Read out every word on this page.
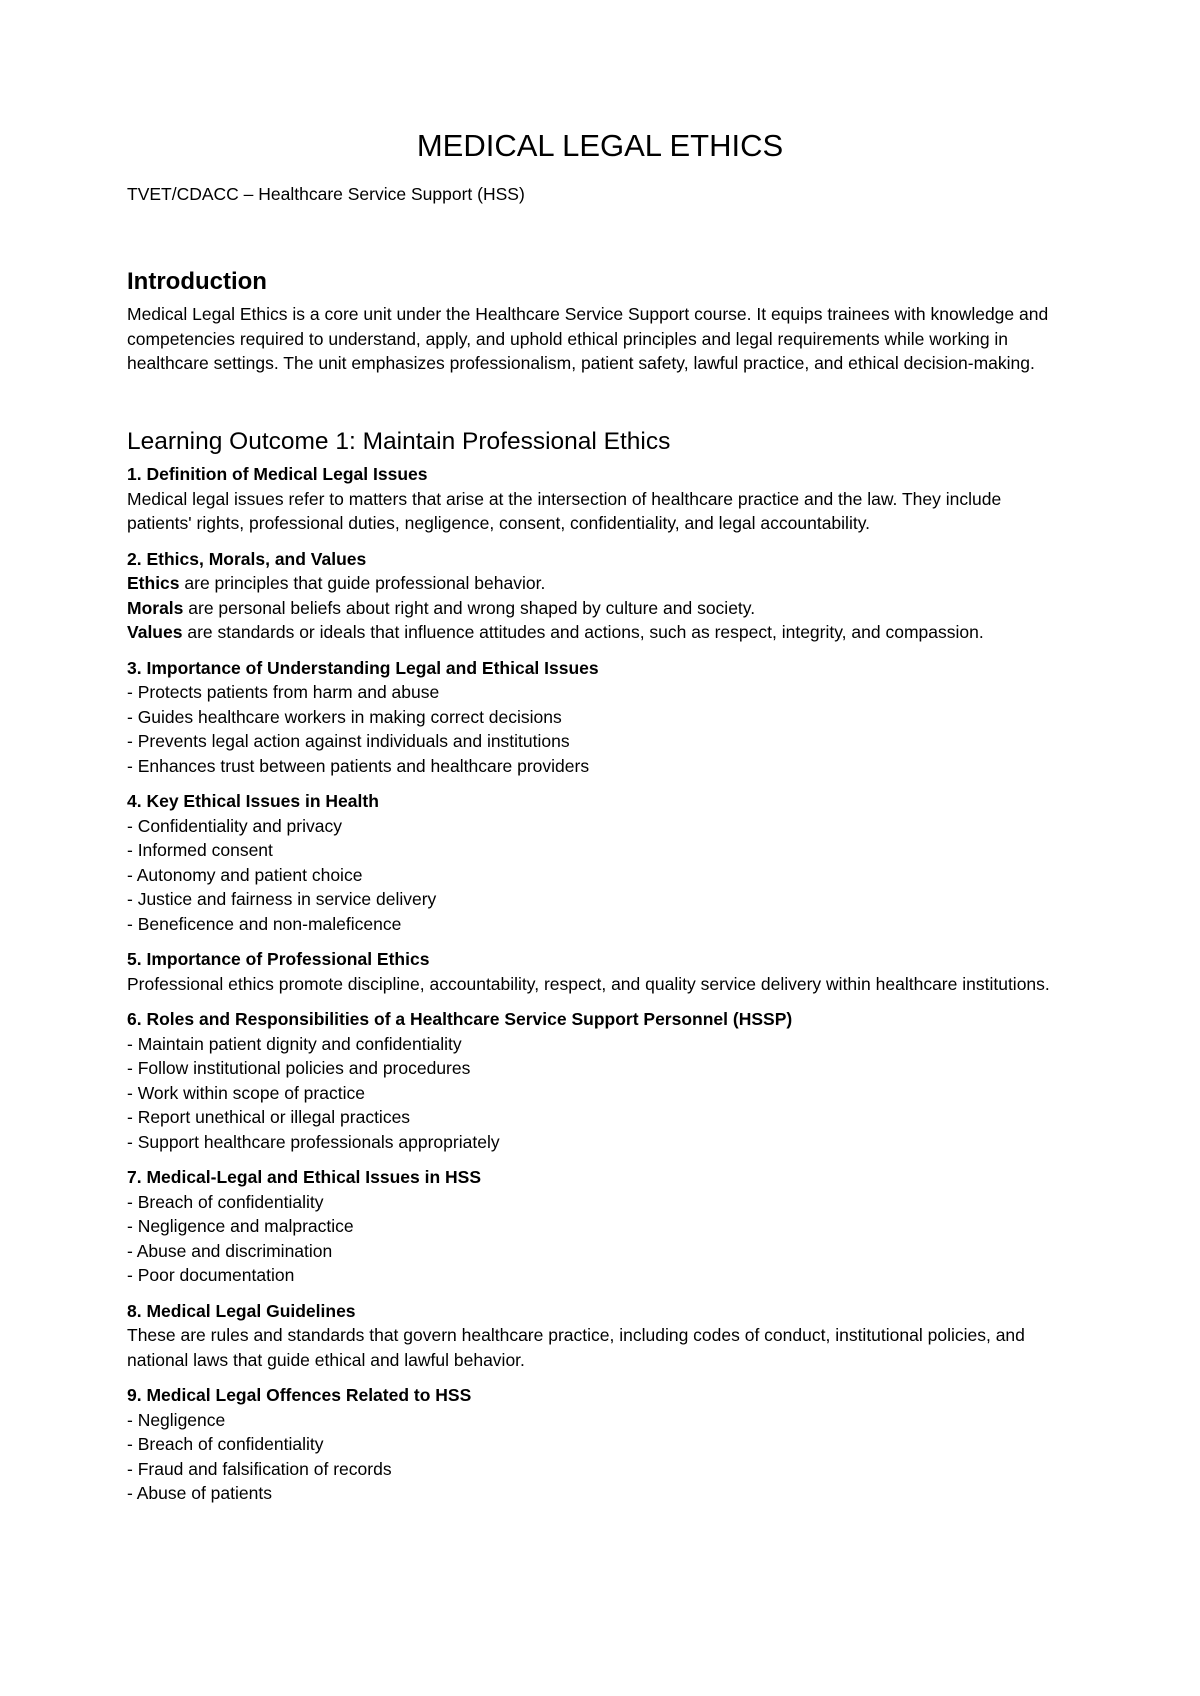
MEDICAL LEGAL ETHICS

TVET/CDACC – Healthcare Service Support (HSS)

Introduction

Medical Legal Ethics is a core unit under the Healthcare Service Support course. It equips trainees with knowledge and competencies required to understand, apply, and uphold ethical principles and legal requirements while working in healthcare settings. The unit emphasizes professionalism, patient safety, lawful practice, and ethical decision-making.

Learning Outcome 1: Maintain Professional Ethics

1. Definition of Medical Legal Issues

Medical legal issues refer to matters that arise at the intersection of healthcare practice and the law. They include patients' rights, professional duties, negligence, consent, confidentiality, and legal accountability.

2. Ethics, Morals, and Values

Ethics are principles that guide professional behavior.

Morals are personal beliefs about right and wrong shaped by culture and society.

Values are standards or ideals that influence attitudes and actions, such as respect, integrity, and compassion.

3. Importance of Understanding Legal and Ethical Issues

- Protects patients from harm and abuse

- Guides healthcare workers in making correct decisions

- Prevents legal action against individuals and institutions

- Enhances trust between patients and healthcare providers

4. Key Ethical Issues in Health

- Confidentiality and privacy

- Informed consent

- Autonomy and patient choice

- Justice and fairness in service delivery

- Beneficence and non-maleficence

5. Importance of Professional Ethics

Professional ethics promote discipline, accountability, respect, and quality service delivery within healthcare institutions.

6. Roles and Responsibilities of a Healthcare Service Support Personnel (HSSP)

- Maintain patient dignity and confidentiality

- Follow institutional policies and procedures

- Work within scope of practice

- Report unethical or illegal practices

- Support healthcare professionals appropriately

7. Medical-Legal and Ethical Issues in HSS

- Breach of confidentiality

- Negligence and malpractice

- Abuse and discrimination

- Poor documentation

8. Medical Legal Guidelines

These are rules and standards that govern healthcare practice, including codes of conduct, institutional policies, and national laws that guide ethical and lawful behavior.

9. Medical Legal Offences Related to HSS

- Negligence

- Breach of confidentiality

- Fraud and falsification of records

- Abuse of patients
